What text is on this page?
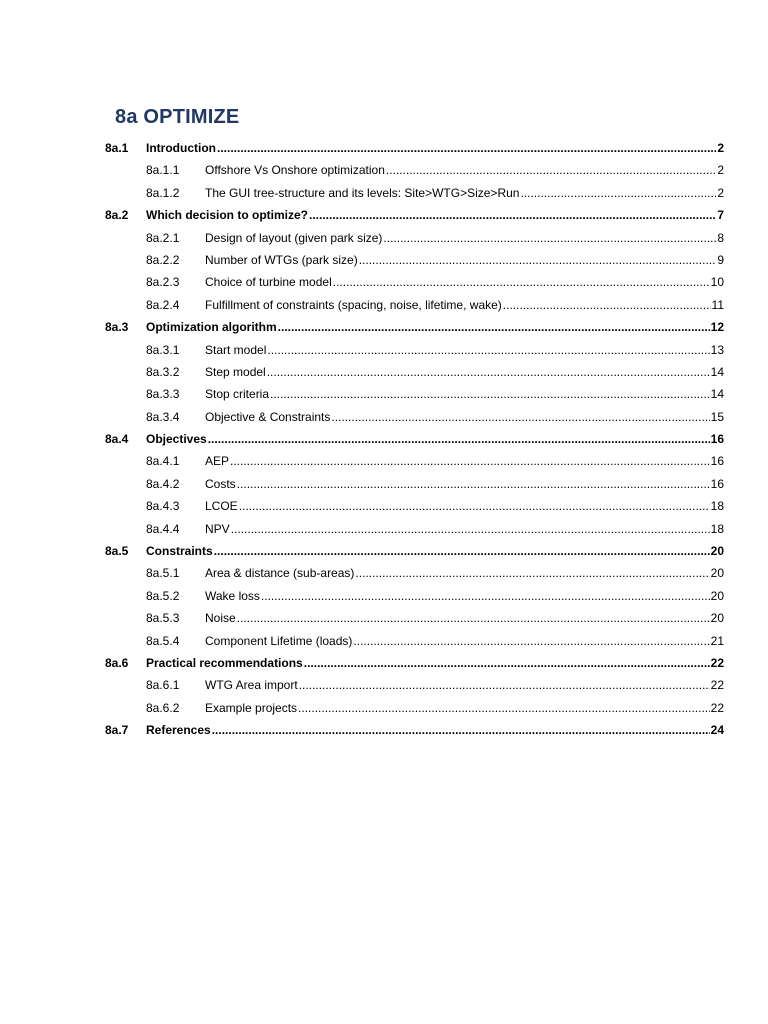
8a OPTIMIZE
8a.1	Introduction .....	2
8a.1.1	Offshore Vs Onshore optimization .....	2
8a.1.2	The GUI tree-structure and its levels: Site>WTG>Size>Run .....	2
8a.2	Which decision to optimize? .....	7
8a.2.1	Design of layout (given park size) .....	8
8a.2.2	Number of WTGs (park size) .....	9
8a.2.3	Choice of turbine model .....	10
8a.2.4	Fulfillment of constraints (spacing, noise, lifetime, wake) .....	11
8a.3	Optimization algorithm .....	12
8a.3.1	Start model .....	13
8a.3.2	Step model .....	14
8a.3.3	Stop criteria .....	14
8a.3.4	Objective & Constraints .....	15
8a.4	Objectives .....	16
8a.4.1	AEP .....	16
8a.4.2	Costs .....	16
8a.4.3	LCOE .....	18
8a.4.4	NPV .....	18
8a.5	Constraints .....	20
8a.5.1	Area & distance (sub-areas) .....	20
8a.5.2	Wake loss .....	20
8a.5.3	Noise .....	20
8a.5.4	Component Lifetime (loads) .....	21
8a.6	Practical recommendations .....	22
8a.6.1	WTG Area import .....	22
8a.6.2	Example projects .....	22
8a.7	References .....	24
